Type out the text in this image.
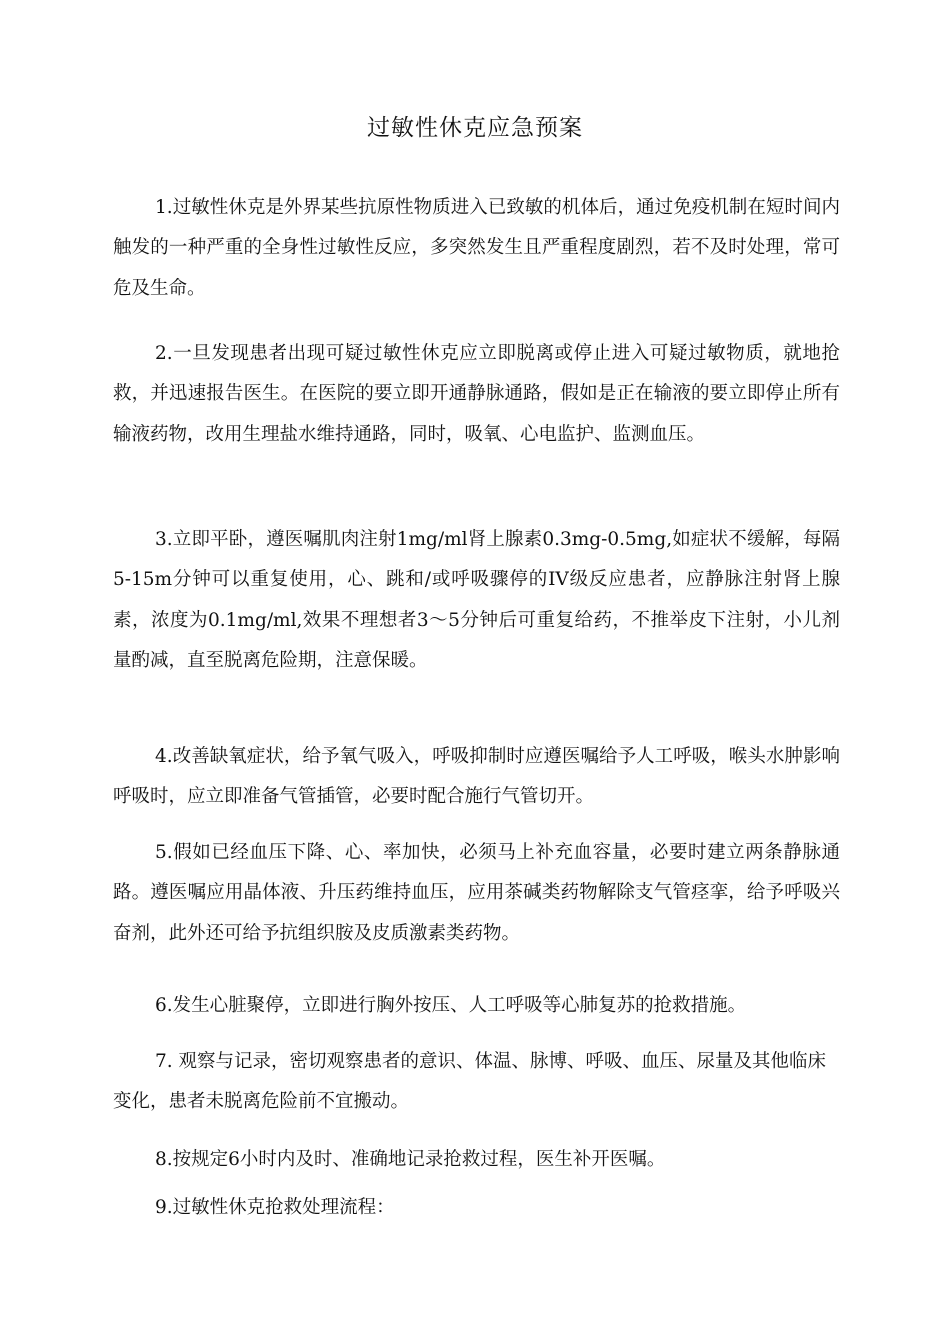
过敏性休克应急预案

1.过敏性休克是外界某些抗原性物质进入已致敏的机体后，通过免疫机制在短时间内触发的一种严重的全身性过敏性反应，多突然发生且严重程度剧烈，若不及时处理，常可危及生命。

2.一旦发现患者出现可疑过敏性休克应立即脱离或停止进入可疑过敏物质，就地抢救，并迅速报告医生。在医院的要立即开通静脉通路，假如是正在输液的要立即停止所有输液药物，改用生理盐水维持通路，同时，吸氧、心电监护、监测血压。

3.立即平卧，遵医嘱肌肉注射1mg/ml肾上腺素0.3mg-0.5mg,如症状不缓解，每隔5-15m分钟可以重复使用，心、跳和/或呼吸骤停的IV级反应患者，应静脉注射肾上腺素，浓度为0.1mg/ml,效果不理想者3〜5分钟后可重复给药，不推举皮下注射，小儿剂量酌减，直至脱离危险期，注意保暖。

4.改善缺氧症状，给予氧气吸入，呼吸抑制时应遵医嘱给予人工呼吸，喉头水肿影响呼吸时，应立即准备气管插管，必要时配合施行气管切开。

5.假如已经血压下降、心、率加快，必须马上补充血容量，必要时建立两条静脉通路。遵医嘱应用晶体液、升压药维持血压，应用茶碱类药物解除支气管痉挛，给予呼吸兴奋剂，此外还可给予抗组织胺及皮质激素类药物。

6.发生心脏聚停，立即进行胸外按压、人工呼吸等心肺复苏的抢救措施。

7. 观察与记录，密切观察患者的意识、体温、脉博、呼吸、血压、尿量及其他临床变化，患者未脱离危险前不宜搬动。

8.按规定6小时内及时、准确地记录抢救过程，医生补开医嘱。

9.过敏性休克抢救处理流程：
